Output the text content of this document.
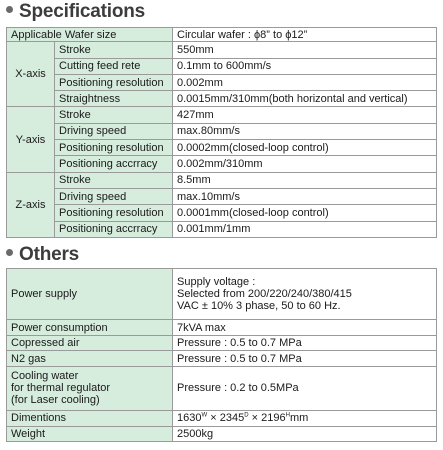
Specifications
Applicable Wafer size		Circular wafer : ϕ8” to ϕ12”
X-axis	Stroke	550mm
	Cutting feed rete	0.1mm to 600mm/s
	Positioning resolution	0.002mm
	Straightness	0.0015mm/310mm(both horizontal and vertical)
Y-axis	Stroke	427mm
	Driving speed	max.80mm/s
	Positioning resolution	0.0002mm(closed-loop control)
	Positioning accrracy	0.002mm/310mm
Z-axis	Stroke	8.5mm
	Driving speed	max.10mm/s
	Positioning resolution	0.0001mm(closed-loop control)
	Positioning accrracy	0.001mm/1mm
Others
Power supply	Supply voltage :
Selected from 200/220/240/380/415
VAC ± 10% 3 phase, 50 to 60 Hz.

Power consumption	7kVA max
Copressed air	Pressure : 0.5 to 0.7 MPa
N2 gas	Pressure : 0.5 to 0.7 MPa

Cooling water
for thermal regulator
(for Laser cooling)	Pressure : 0.2 to 0.5MPa
Dimentions	$1630^W \times 2345^D \times 2196^Hmm$
Weight	2500kg
